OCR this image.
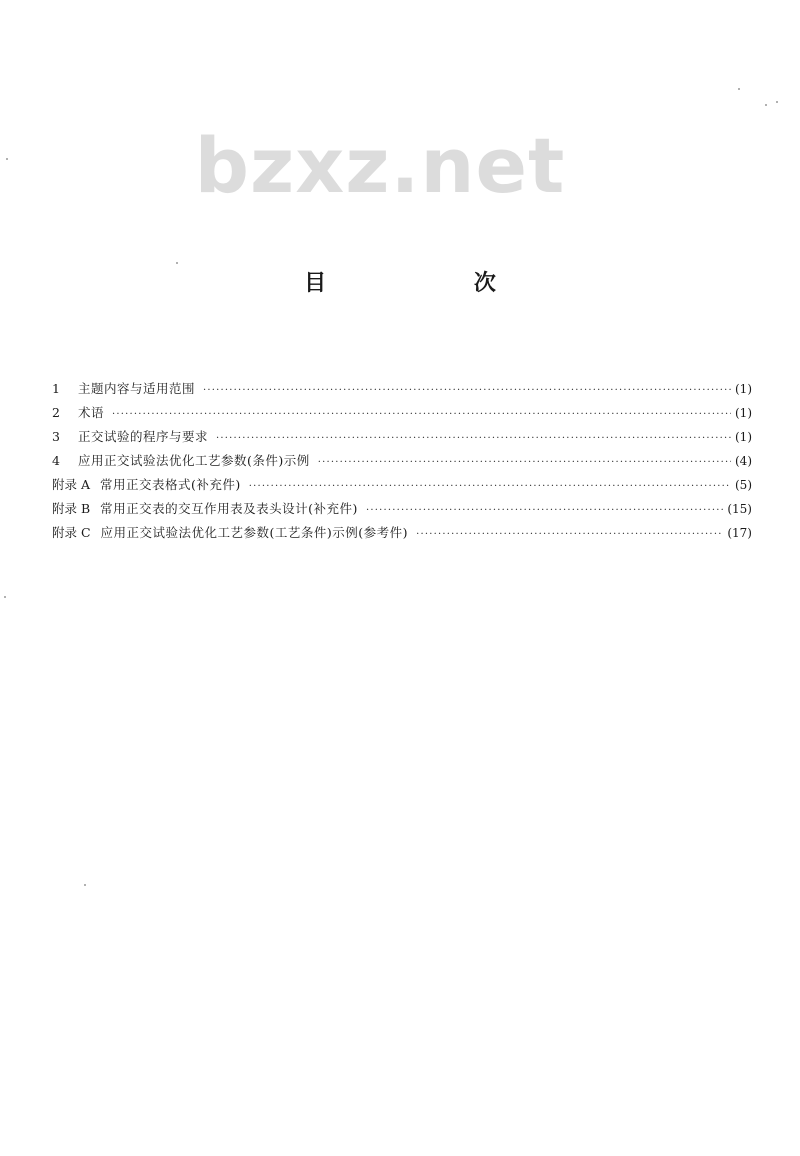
bzxz.net
目 次
1	主题内容与适用范围 ·····	(1)
2	术语 ·····	(1)
3	正交试验的程序与要求 ·····	(1)
4	应用正交试验法优化工艺参数(条件)示例 ·····	(4)
附录 A 常用正交表格式(补充件) ·····	(5)
附录 B 常用正交表的交互作用表及表头设计(补充件) ·····	(15)
附录 C 应用正交试验法优化工艺参数(工艺条件)示例(参考件) ·····	(17)
